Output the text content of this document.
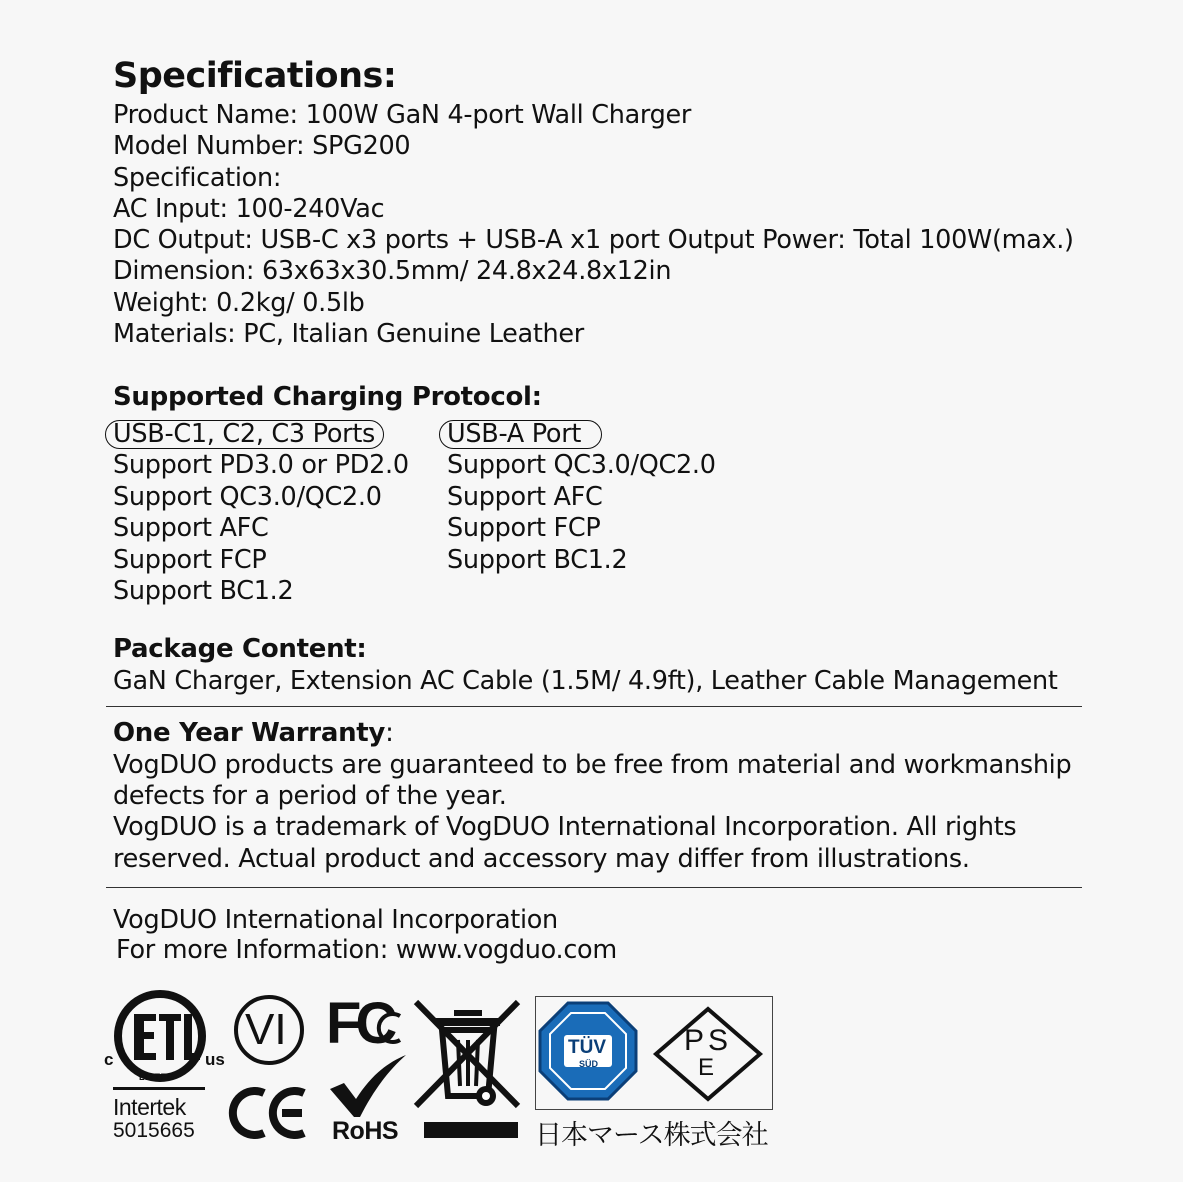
Specifications:
Product Name: 100W GaN 4-port Wall Charger
Model Number: SPG200
Specification:
AC Input: 100-240Vac
DC Output: USB-C x3 ports + USB-A x1 port Output Power: Total 100W(max.)
Dimension: 63x63x30.5mm/ 24.8x24.8x12in
Weight: 0.2kg/ 0.5lb
Materials: PC, Italian Genuine Leather
Supported Charging Protocol:
USB-C1, C2, C3 Ports
Support PD3.0 or PD2.0
Support QC3.0/QC2.0
Support AFC
Support FCP
Support BC1.2
USB-A Port
Support QC3.0/QC2.0
Support AFC
Support FCP
Support BC1.2
Package Content:

GaN Charger, Extension AC Cable (1.5M/ 4.9ft), Leather Cable Management

One Year Warranty:

VogDUO products are guaranteed to be free from material and workmanship

defects for a period of the year.

VogDUO is a trademark of VogDUO International Incorporation. All rights

reserved. Actual product and accessory may differ from illustrations.

VogDUO International Incorporation

For more Information: www.vogduo.com

c	us
LISTED
Intertek
5015665
VI FC
RoHS
TÜV
SÜD
PS
E
日本マース株式会社
